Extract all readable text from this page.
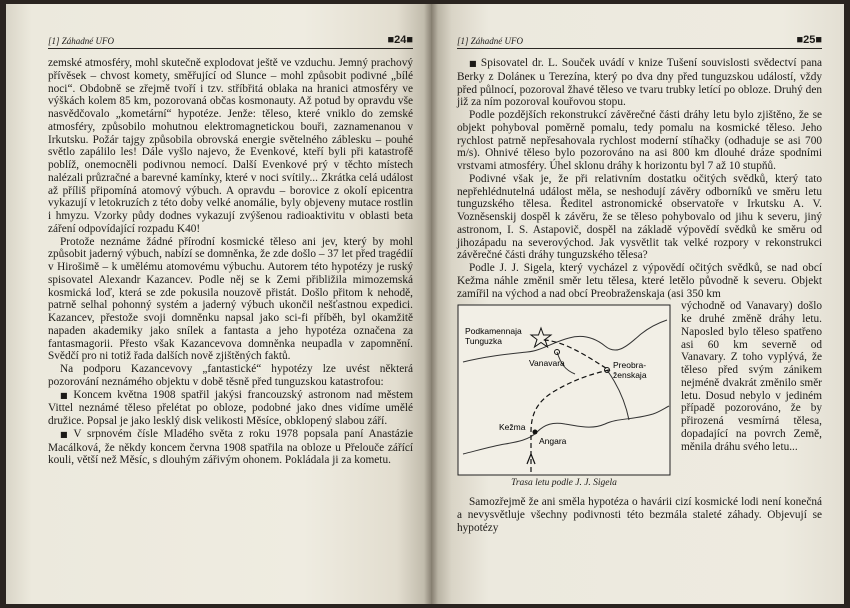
[1] Záhadné UFO	■24■

zemské atmosféry, mohl skutečně explodovat ještě ve vzduchu. Jemný prachový přívěsek – chvost komety, směřující od Slunce – mohl způsobit podivné „bílé noci“. Obdobně se zřejmě tvoří i tzv. stříbřitá oblaka na hranici atmosféry ve výškách kolem 85 km, pozorovaná občas kosmonauty. Až potud by opravdu vše nasvědčovalo „kometární“ hypotéze. Jenže: těleso, které vniklo do zemské atmosféry, způsobilo mohutnou elektromagnetickou bouři, zaznamenanou v Irkutsku. Požár tajgy způsobila obrovská energie světelného záblesku – pouhé světlo zapálilo les! Dále vyšlo najevo, že Evenkové, kteří byli při katastrofě poblíž, onemocněli podivnou nemocí. Další Evenkové prý v těchto místech nalézali průzračné a barevné kamínky, které v noci svítily... Zkrátka celá událost až příliš připomíná atomový výbuch. A opravdu – borovice z okolí epicentra vykazují v letokruzích z této doby velké anomálie, byly objeveny mutace rostlin i hmyzu. Vzorky půdy dodnes vykazují zvýšenou radioaktivitu v oblasti beta záření odpovídající rozpadu K40!

Protože neznáme žádné přírodní kosmické těleso ani jev, který by mohl způsobit jaderný výbuch, nabízí se domněnka, že zde došlo – 37 let před tragédií v Hirošimě – k umělému atomovému výbuchu. Autorem této hypotézy je ruský spisovatel Alexandr Kazancev. Podle něj se k Zemi přibližila mimozemská kosmická loď, která se zde pokusila nouzově přistát. Došlo přitom k nehodě, patrně selhal pohonný systém a jaderný výbuch ukončil nešťastnou expedici. Kazancev, přestože svoji domněnku napsal jako sci-fi příběh, byl okamžitě napaden akademiky jako snílek a fantasta a jeho hypotéza označena za fantasmagorii. Přesto však Kazancevova domněnka neupadla v zapomnění. Svědčí pro ni totiž řada dalších nově zjištěných faktů.

Na podporu Kazancevovy „fantastické“ hypotézy lze uvést některá pozorování neznámého objektu v době těsně před tunguzskou katastrofou:

■ Koncem května 1908 spatřil jakýsi francouzský astronom nad městem Vittel neznámé těleso přelétat po obloze, podobné jako dnes vidíme umělé družice. Popsal je jako lesklý disk velikosti Měsíce, obklopený slabou září.

■ V srpnovém čísle Mladého světa z roku 1978 popsala paní Anastázie Macálková, že někdy koncem června 1908 spatřila na obloze u Přelouče zářící kouli, větší než Měsíc, s dlouhým zářivým ohonem. Pokládala ji za kometu.

[1] Záhadné UFO	■25■

■ Spisovatel dr. L. Souček uvádí v knize Tušení souvislosti svědectví pana Berky z Doláneк u Terezína, který po dva dny před tunguzskou událostí, vždy před půlnocí, pozoroval žhavé těleso ve tvaru trubky letící po obloze. Druhý den již za ním pozoroval kouřovou stopu.

Podle pozdějších rekonstrukcí závěrečné části dráhy letu bylo zjištěno, že se objekt pohyboval poměrně pomalu, tedy pomalu na kosmické těleso. Jeho rychlost patrně nepřesahovala rychlost moderní stíhačky (odhaduje se asi 700 m/s). Ohnivé těleso bylo pozorováno na asi 800 km dlouhé dráze spodními vrstvami atmosféry. Úhel sklonu dráhy k horizontu byl 7 až 10 stupňů.

Podivné však je, že při relativním dostatku očitých svědků, který tato nepřehlédnutelná událost měla, se neshodují závěry odborníků ve směru letu tunguzského tělesa. Ředitel astronomické observatoře v Irkutsku A. V. Vozněsenskij dospěl k závěru, že se těleso pohybovalo od jihu k severu, jiný astronom, I. S. Astapovič, dospěl na základě výpovědí svědků ke směru od jihozápadu na severovýchod. Jak vysvětlit tak velké rozpory v rekonstrukci závěrečné části dráhy tunguzského tělesa?

Podle J. J. Sigela, který vycházel z výpovědí očitých svědků, se nad obcí Kežma náhle změnil směr letu tělesa, které letělo původně k severu. Objekt zamířil na východ a nad obcí Preobraženskaja (asi 350 km

Podkamennaja
Tunguzka
Vanavara	Preobra-
ženskaja
Kežma
Angara
Trasa letu podle J. J. Sigela

východně od Vanavary) došlo ke druhé změně dráhy letu. Naposled bylo těleso spatřeno asi 60 km severně od Vanavary. Z toho vyplývá, že těleso před svým zánikem nejméně dvakrát změnilo směr letu. Dosud nebylo v jediném případě pozorováno, že by přirozená vesmírná tělesa, dopadající na povrch Země, měnila dráhu svého letu...

Samozřejmě že ani směla hypotéza o havárii cizí kosmické lodi není konečná a nevysvětluje všechny podivnosti této bezmála staleté záhady. Objevují se hypotézy
